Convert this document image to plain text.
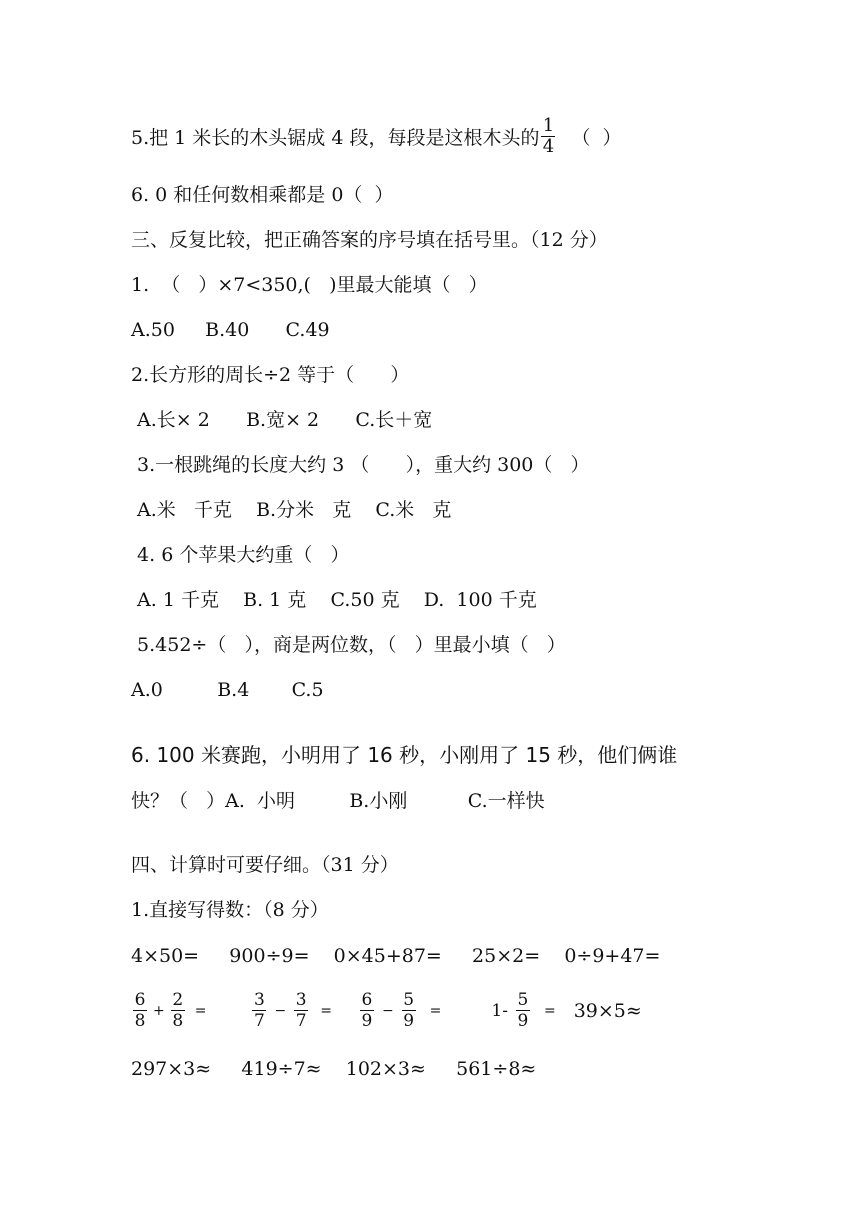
5.把 1 米长的木头锯成 4 段，每段是这根木头的 $\frac{1}{4}$ （  ）
6. 0 和任何数相乘都是 0（  ）
三、反复比较，把正确答案的序号填在括号里。（12 分）
1.  （   ）×7<350,(   )里最大能填（   ）
A.50     B.40      C.49
2.长方形的周长÷2 等于（      ）
A.长× 2      B.宽× 2      C.长＋宽
3.一根跳绳的长度大约 3 （      ），重大约 300（   ）
A.米   千克    B.分米   克    C.米   克
4. 6 个苹果大约重（   ）
A. 1 千克    B. 1 克    C.50 克    D.  100 千克
5.452÷（   ），商是两位数，（   ）里最小填（   ）
A.0         B.4       C.5
6. 100 米赛跑，小明用了 16 秒，小刚用了 15 秒，他们俩谁
快？（   ）A.  小明         B.小刚          C.一样快
四、计算时可要仔细。（31 分）
1.直接写得数：（8 分）
4×50=     900÷9=    0×45+87=     25×2=    0÷9+47=
$\frac{6}{8} + \frac{2}{8}$ =	$\frac{3}{7} - \frac{3}{7} = \frac{6}{9} - \frac{5}{9}$ =	$1- \frac{5}{9} = 39\times 5\approx$
297×3≈     419÷7≈    102×3≈     561÷8≈
